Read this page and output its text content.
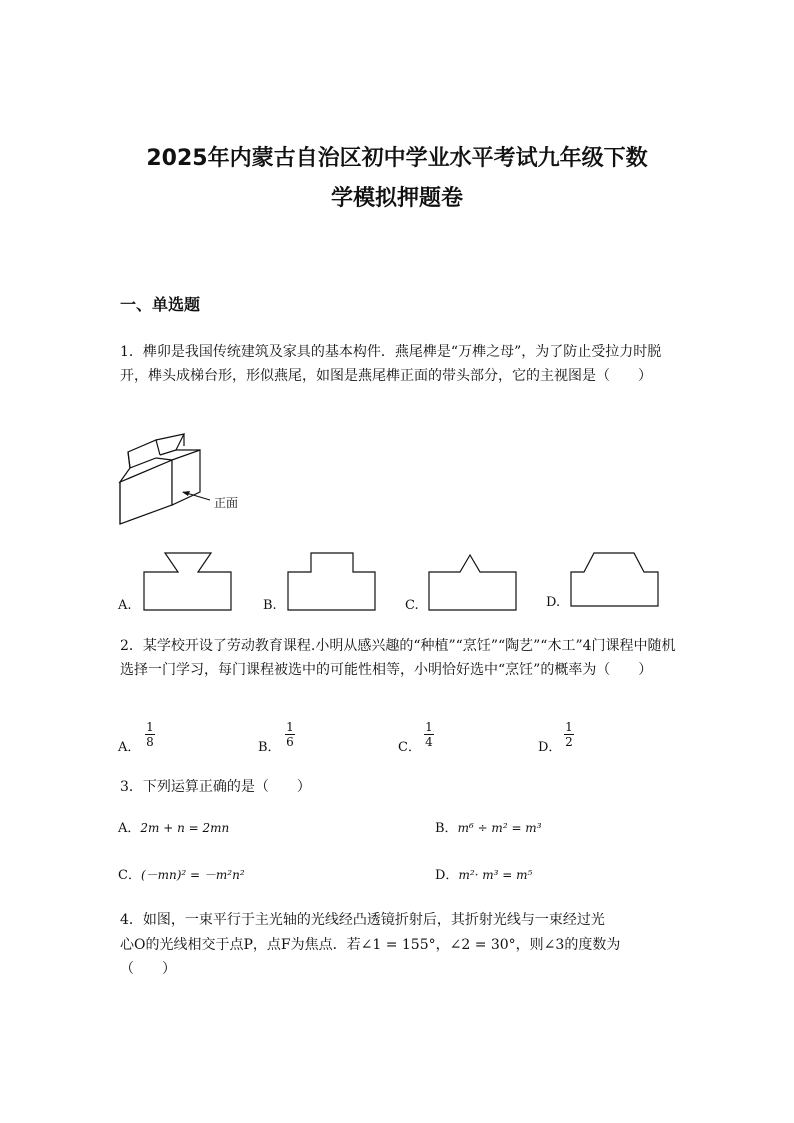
2025年内蒙古自治区初中学业水平考试九年级下数
学模拟押题卷
一、单选题
1．榫卯是我国传统建筑及家具的基本构件．燕尾榫是“万榫之母”，为了防止受拉力时脱开，榫头成梯台形，形似燕尾，如图是燕尾榫正面的带头部分，它的主视图是（　　）
正面
A.	B.	C.	D.
2．某学校开设了劳动教育课程.小明从感兴趣的“种植”“烹饪”“陶艺”“木工”4门课程中随机选择一门学习，每门课程被选中的可能性相等，小明恰好选中“烹饪”的概率为（　　）
A．
1
8	B．
1
6	C．
1
4	D．
1
2
3．下列运算正确的是（　　）
A．2m + n = 2mn	B．m⁶ ÷ m² = m³
C．(－mn)² = －m²n²	D．m²· m³ = m⁵
4．如图，一束平行于主光轴的光线经凸透镜折射后，其折射光线与一束经过光
心O的光线相交于点P，点F为焦点．若∠1 = 155°，∠2 = 30°，则∠3的度数为
（　　）
